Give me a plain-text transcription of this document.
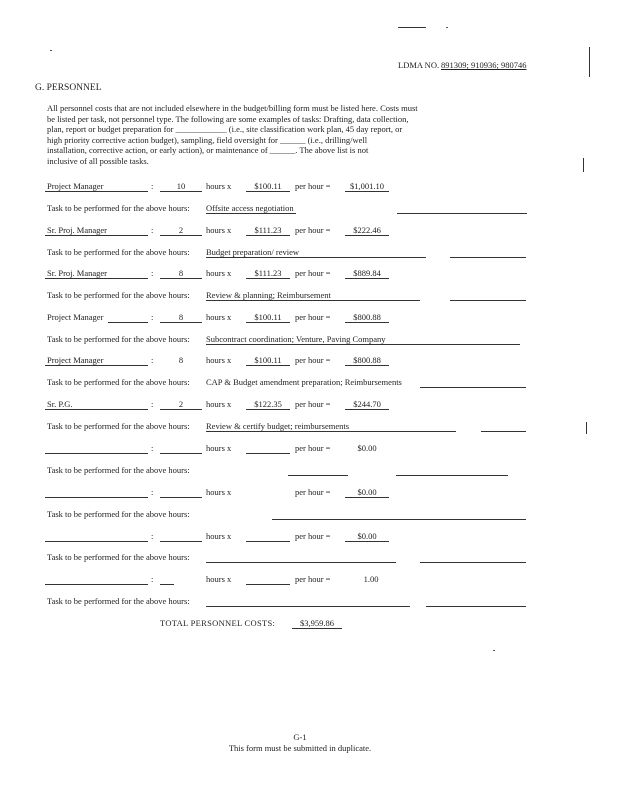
LDMA NO. 891309; 910936; 980746
G. PERSONNEL
All personnel costs that are not included elsewhere in the budget/billing form must be listed here. Costs must
be listed per task, not personnel type. The following are some examples of tasks: Drafting, data collection,
plan, report or budget preparation for ____________ (i.e., site classification work plan, 45 day report, or
high priority corrective action budget), sampling, field oversight for ______ (i.e., drilling/well
installation, corrective action, or early action), or maintenance of ______. The above list is not
inclusive of all possible tasks.
Project Manager	:	10	hours x	$100.11	per hour =	$1,001.10
Task to be performed for the above hours: Offsite access negotiation
Sr. Proj. Manager	:	2	hours x	$111.23	per hour =	$222.46
Task to be performed for the above hours: Budget preparation/ review
Sr. Proj. Manager	:	8	hours x	$111.23	per hour =	$889.84
Task to be performed for the above hours: Review & planning; Reimbursement
Project Manager	:	8	hours x	$100.11	per hour =	$800.88
Task to be performed for the above hours: Subcontract coordination; Venture, Paving Company
Project Manager	:	8	hours x	$100.11	per hour =	$800.88
Task to be performed for the above hours: CAP & Budget amendment preparation; Reimbursements
Sr. P.G.	:	2	hours x	$122.35	per hour =	$244.70
Task to be performed for the above hours: Review & certify budget; reimbursements
:	hours x	per hour =	$0.00
Task to be performed for the above hours:
:	hours x	per hour =	$0.00
Task to be performed for the above hours:
:	hours x	per hour =	$0.00
Task to be performed for the above hours:
:	hours x	per hour =	1.00
Task to be performed for the above hours:
TOTAL PERSONNEL COSTS:	$3,959.86
G-1
This form must be submitted in duplicate.
